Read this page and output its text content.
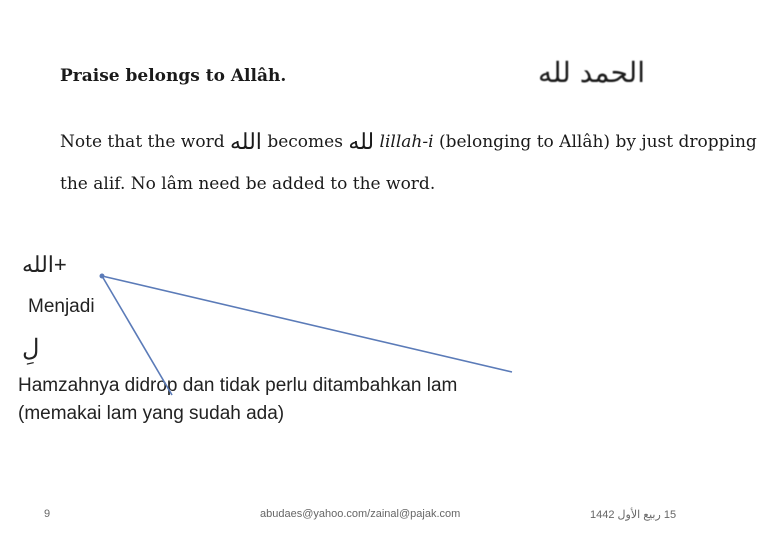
الحمد لله
Praise belongs to Allâh.
Note that the word الله becomes لله lillah-i (belonging to Allâh) by just dropping
the alif. No lâm need be added to the word.
الله+
Menjadi
لِ
Hamzahnya didrop dan tidak perlu ditambahkan lam
(memakai lam yang sudah ada)
9	abudaes@yahoo.com/zainal@pajak.com	15 ربيع الأول 1442
